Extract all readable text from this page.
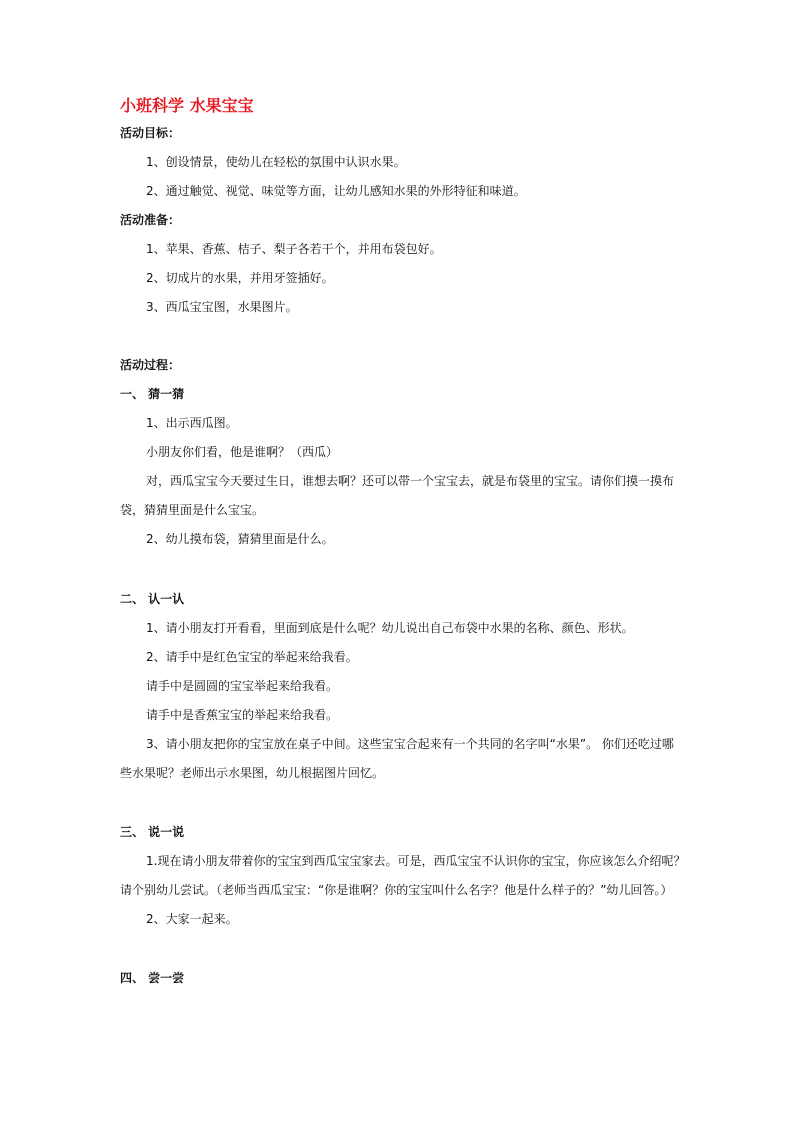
小班科学 水果宝宝
活动目标：
1、创设情景，使幼儿在轻松的氛围中认识水果。
2、通过触觉、视觉、味觉等方面，让幼儿感知水果的外形特征和味道。
活动准备：
1、苹果、香蕉、桔子、梨子各若干个，并用布袋包好。
2、切成片的水果，并用牙签插好。
3、西瓜宝宝图，水果图片。
活动过程：
一、 猜一猜
1、出示西瓜图。
小朋友你们看，他是谁啊？（西瓜）
对，西瓜宝宝今天要过生日，谁想去啊？还可以带一个宝宝去，就是布袋里的宝宝。请你们摸一摸布
袋，猜猜里面是什么宝宝。
2、幼儿摸布袋，猜猜里面是什么。
二、 认一认
1、请小朋友打开看看，里面到底是什么呢？幼儿说出自己布袋中水果的名称、颜色、形状。
2、请手中是红色宝宝的举起来给我看。
请手中是圆圆的宝宝举起来给我看。
请手中是香蕉宝宝的举起来给我看。
3、请小朋友把你的宝宝放在桌子中间。这些宝宝合起来有一个共同的名字叫“水果”。 你们还吃过哪
些水果呢？老师出示水果图，幼儿根据图片回忆。
三、 说一说
1.现在请小朋友带着你的宝宝到西瓜宝宝家去。可是，西瓜宝宝不认识你的宝宝，你应该怎么介绍呢？
请个别幼儿尝试。（老师当西瓜宝宝：“你是谁啊？你的宝宝叫什么名字？他是什么样子的？”幼儿回答。）
2、大家一起来。
四、 尝一尝
